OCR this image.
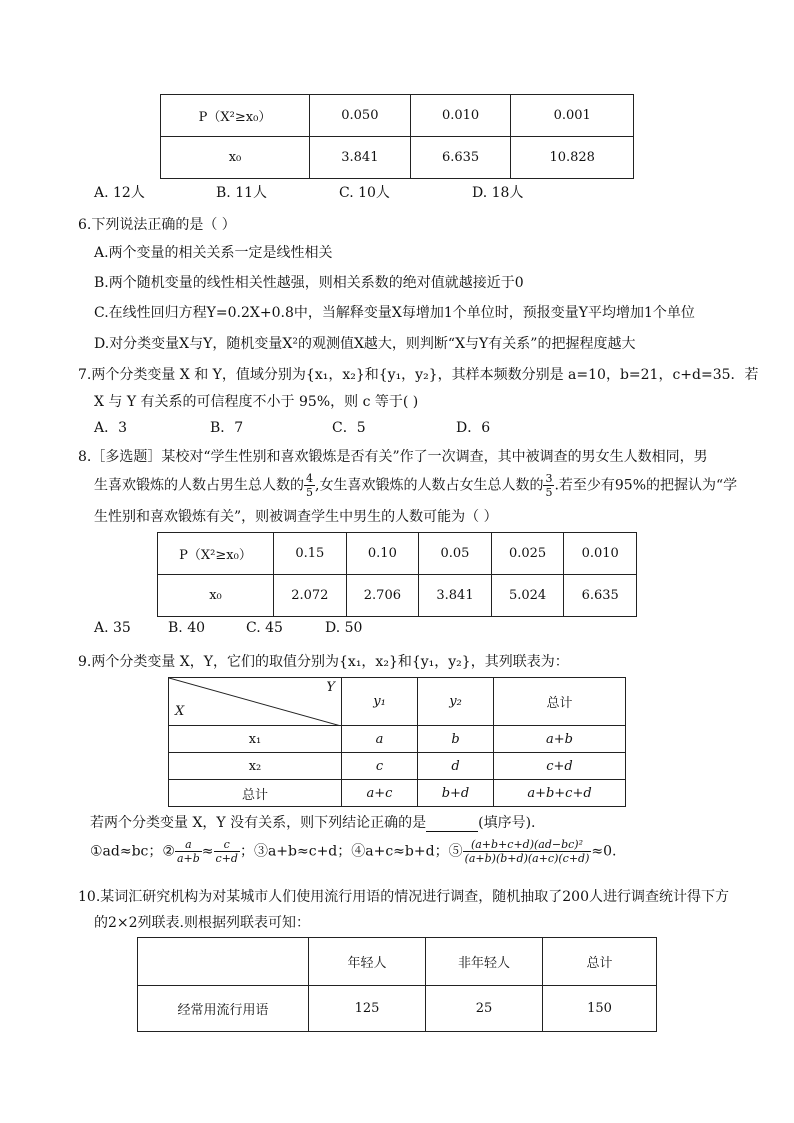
P（X²≥x₀）	0.050	0.010	0.001
x₀	3.841	6.635	10.828
A. 12人	B. 11人	C. 10人	D. 18人
6.下列说法正确的是（ ）
A.两个变量的相关关系一定是线性相关
B.两个随机变量的线性相关性越强，则相关系数的绝对值就越接近于0
C.在线性回归方程Y=0.2X+0.8中，当解释变量X每增加1个单位时，预报变量Y平均增加1个单位
D.对分类变量X与Y，随机变量X²的观测值X越大，则判断“X与Y有关系”的把握程度越大
7.两个分类变量 X 和 Y，值域分别为{x₁，x₂}和{y₁，y₂}，其样本频数分别是 a=10，b=21，c+d=35．若
X 与 Y 有关系的可信程度不小于 95%，则 c 等于( )
A．3	B．7	C．5	D．6
8.［多选题］某校对“学生性别和喜欢锻炼是否有关”作了一次调查，其中被调查的男女生人数相同，男
生喜欢锻炼的人数占男生总人数的 $\frac{4}{5}$ ,女生喜欢锻炼的人数占女生总人数的 $\frac{3}{5}$ .若至少有95%的把握认为“学
生性别和喜欢锻炼有关”，则被调查学生中男生的人数可能为（ ）
P（X²≥x₀）	0.15	0.10	0.05	0.025	0.010
x₀	2.072	2.706	3.841	5.024	6.635
A. 35	B. 40	C. 45	D. 50
9.两个分类变量 X，Y，它们的取值分别为{x₁，x₂}和{y₁，y₂}，其列联表为：
Y
X	y₁	y₂	总计
x₁	a	b	a+b
x₂	c	d	c+d
总计	a+c	b+d	a+b+c+d
若两个分类变量 X，Y 没有关系，则下列结论正确的是	(填序号).
①ad≈bc；② $\frac{a}{a+b} \approx \frac{c}{c+d}$ ；③a+b≈c+d；④a+c≈b+d；⑤ $\frac{\text{(a+b+c+d)(ad−bc)²}}{(a+b)(b+d)(a+c)(c+d)} \approx 0$.
10.某词汇研究机构为对某城市人们使用流行用语的情况进行调查，随机抽取了200人进行调查统计得下方
的2×2列联表.则根据列联表可知：
	年轻人	非年轻人	总计
经常用流行用语	125	25	150
